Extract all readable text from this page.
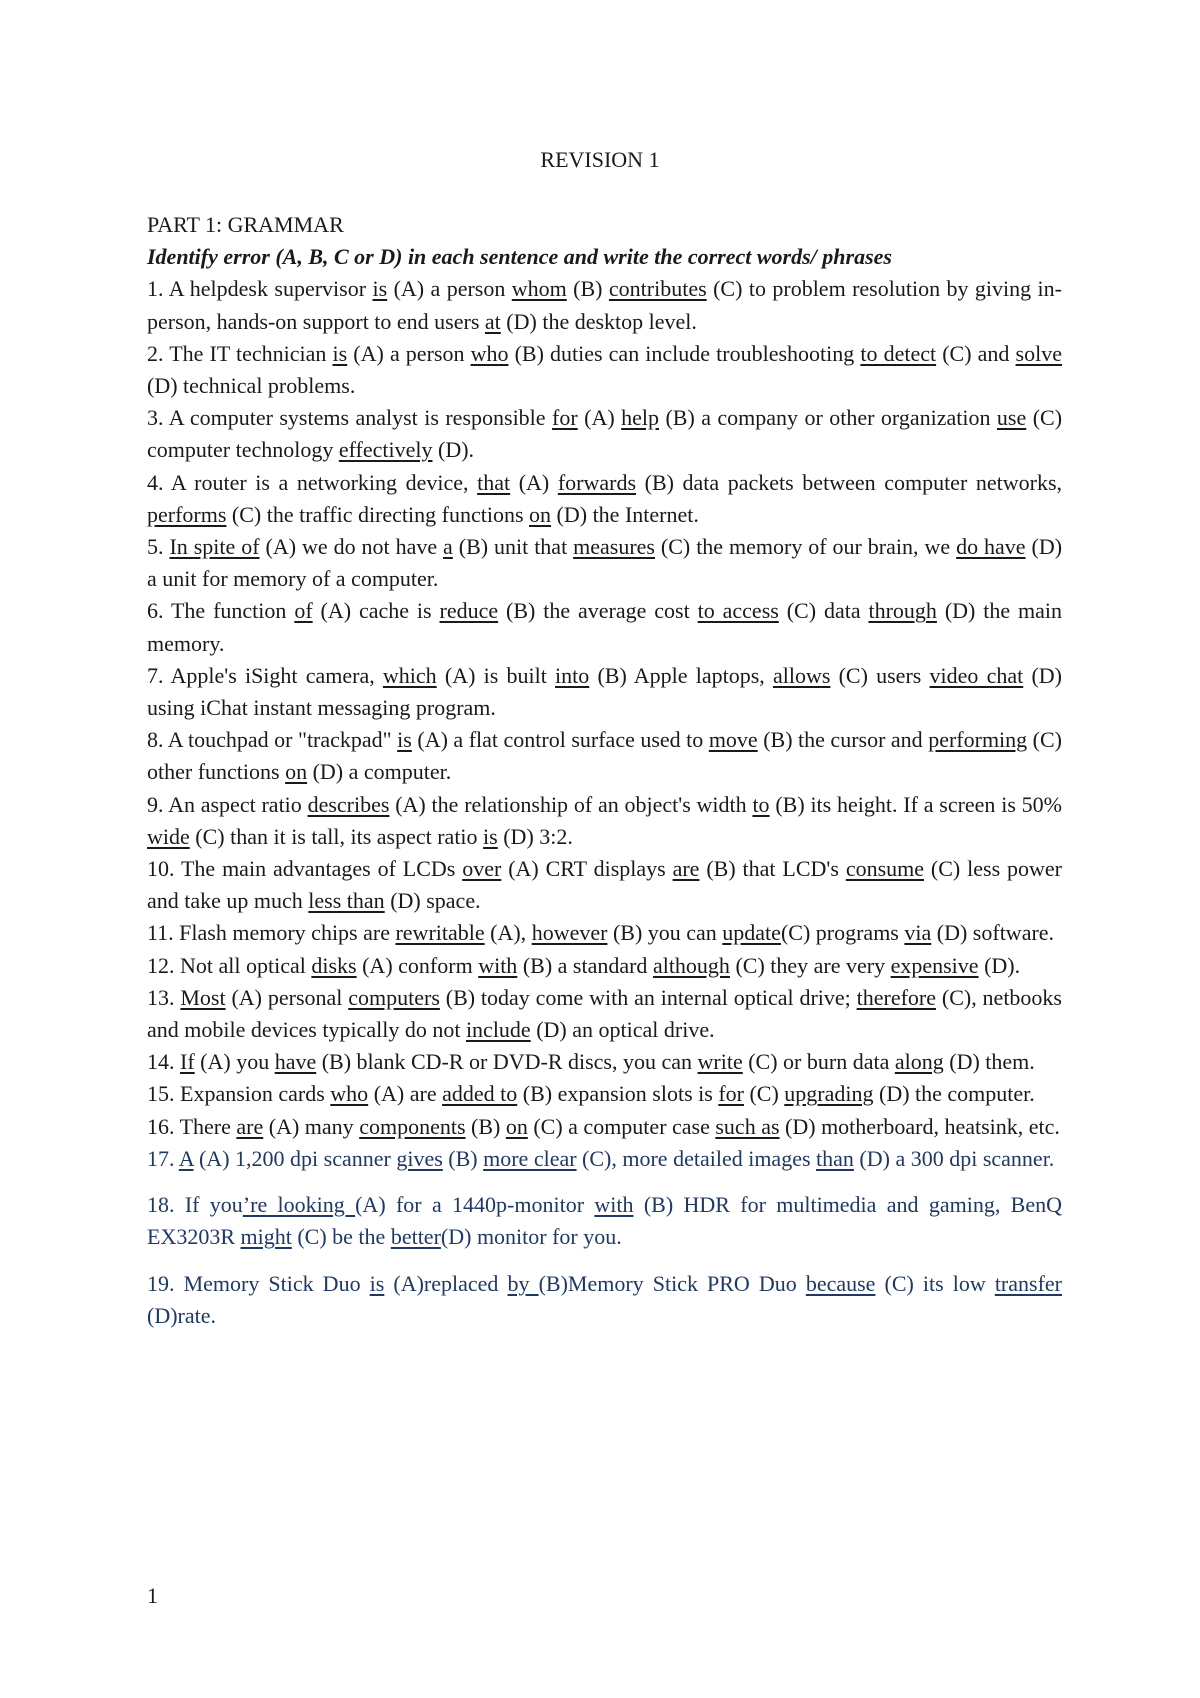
REVISION 1
PART 1: GRAMMAR
Identify error (A, B, C or D) in each sentence and write the correct words/ phrases

1. A helpdesk supervisor is (A) a person whom (B) contributes (C) to problem resolution by giving in-person, hands-on support to end users at (D) the desktop level.

2. The IT technician is (A) a person who (B) duties can include troubleshooting to detect (C) and solve (D) technical problems.

3. A computer systems analyst is responsible for (A) help (B) a company or other organization use (C) computer technology effectively (D).

4. A router is a networking device, that (A) forwards (B) data packets between computer networks, performs (C) the traffic directing functions on (D) the Internet.

5. In spite of (A) we do not have a (B) unit that measures (C) the memory of our brain, we do have (D) a unit for memory of a computer.

6. The function of (A) cache is reduce (B) the average cost to access (C) data through (D) the main memory.

7. Apple's iSight camera, which (A) is built into (B) Apple laptops, allows (C) users video chat (D) using iChat instant messaging program.

8. A touchpad or "trackpad" is (A) a flat control surface used to move (B) the cursor and performing (C) other functions on (D) a computer.

9. An aspect ratio describes (A) the relationship of an object's width to (B) its height. If a screen is 50% wide (C) than it is tall, its aspect ratio is (D) 3:2.

10. The main advantages of LCDs over (A) CRT displays are (B) that LCD's consume (C) less power and take up much less than (D) space.

11. Flash memory chips are rewritable (A), however (B) you can update(C) programs via (D) software.

12. Not all optical disks (A) conform with (B) a standard although (C) they are very expensive (D).

13. Most (A) personal computers (B) today come with an internal optical drive; therefore (C), netbooks and mobile devices typically do not include (D) an optical drive.

14. If (A) you have (B) blank CD-R or DVD-R discs, you can write (C) or burn data along (D) them.

15. Expansion cards who (A) are added to (B) expansion slots is for (C) upgrading (D) the computer.

16. There are (A) many components (B) on (C) a computer case such as (D) motherboard, heatsink, etc.

17. A (A) 1,200 dpi scanner gives (B) more clear (C), more detailed images than (D) a 300 dpi scanner.

18. If you’re looking (A) for a 1440p-monitor with (B) HDR for multimedia and gaming, BenQ EX3203R might (C) be the better(D) monitor for you.

19. Memory Stick Duo is (A)replaced by (B)Memory Stick PRO Duo because (C) its low transfer (D)rate.

1
